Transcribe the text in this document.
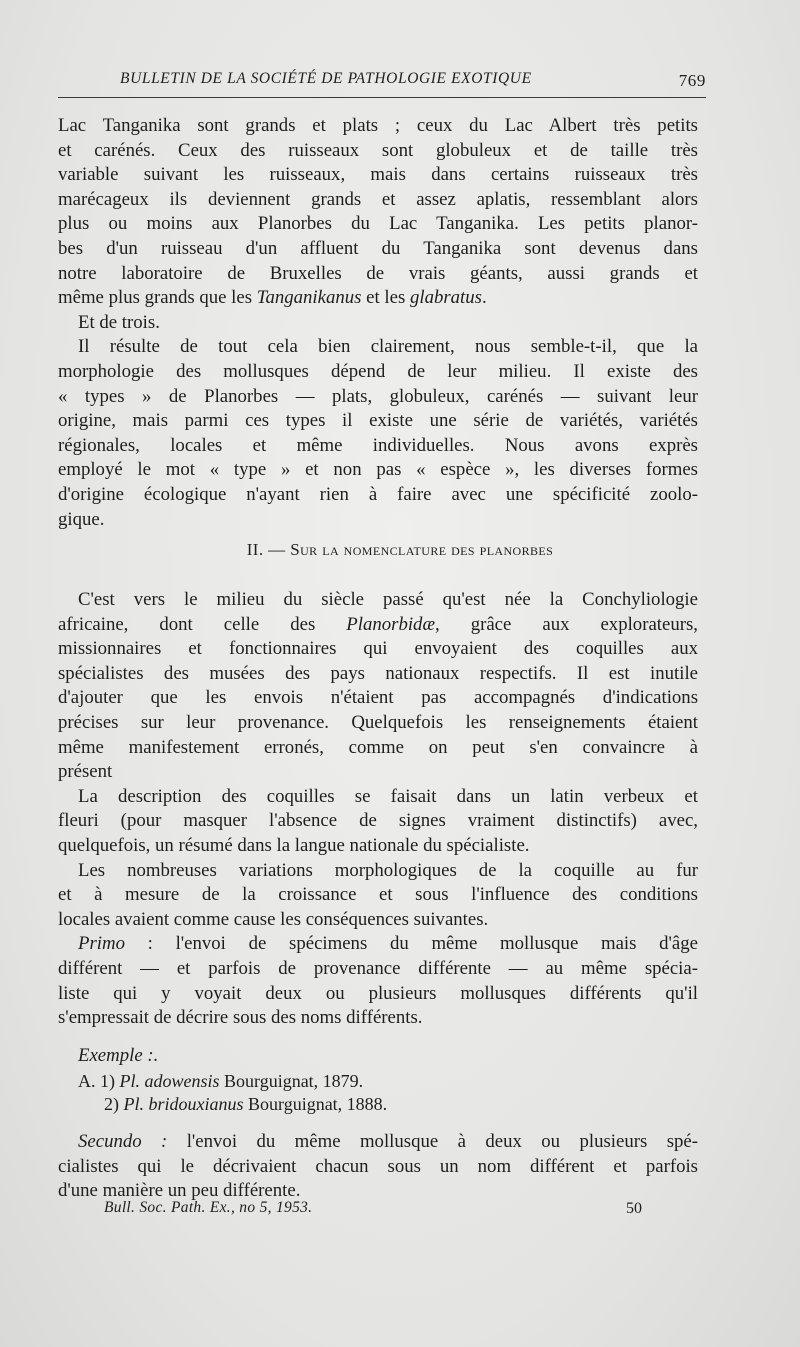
BULLETIN DE LA SOCIÉTÉ DE PATHOLOGIE EXOTIQUE	769
Lac Tanganika sont grands et plats ; ceux du Lac Albert très petits
et carénés. Ceux des ruisseaux sont globuleux et de taille très
variable suivant les ruisseaux, mais dans certains ruisseaux très
marécageux ils deviennent grands et assez aplatis, ressemblant alors
plus ou moins aux Planorbes du Lac Tanganika. Les petits planor-
bes d'un ruisseau d'un affluent du Tanganika sont devenus dans
notre laboratoire de Bruxelles de vrais géants, aussi grands et
même plus grands que les Tanganikanus et les glabratus.
Et de trois.
Il résulte de tout cela bien clairement, nous semble-t-il, que la
morphologie des mollusques dépend de leur milieu. Il existe des
« types » de Planorbes — plats, globuleux, carénés — suivant leur
origine, mais parmi ces types il existe une série de variétés, variétés
régionales, locales et même individuelles. Nous avons exprès
employé le mot « type » et non pas « espèce », les diverses formes
d'origine écologique n'ayant rien à faire avec une spécificité zoolo-
gique.
II. — Sur la nomenclature des planorbes
C'est vers le milieu du siècle passé qu'est née la Conchyliologie
africaine, dont celle des Planorbidæ, grâce aux explorateurs,
missionnaires et fonctionnaires qui envoyaient des coquilles aux
spécialistes des musées des pays nationaux respectifs. Il est inutile
d'ajouter que les envois n'étaient pas accompagnés d'indications
précises sur leur provenance. Quelquefois les renseignements étaient
même manifestement erronés, comme on peut s'en convaincre à
présent
La description des coquilles se faisait dans un latin verbeux et
fleuri (pour masquer l'absence de signes vraiment distinctifs) avec,
quelquefois, un résumé dans la langue nationale du spécialiste.
Les nombreuses variations morphologiques de la coquille au fur
et à mesure de la croissance et sous l'influence des conditions
locales avaient comme cause les conséquences suivantes.
Primo : l'envoi de spécimens du même mollusque mais d'âge
différent — et parfois de provenance différente — au même spécia-
liste qui y voyait deux ou plusieurs mollusques différents qu'il
s'empressait de décrire sous des noms différents.
Exemple :.
A. 1) Pl. adowensis Bourguignat, 1879.
2) Pl. bridouxianus Bourguignat, 1888.
Secundo : l'envoi du même mollusque à deux ou plusieurs spé-
cialistes qui le décrivaient chacun sous un nom différent et parfois
d'une manière un peu différente.
Bull. Soc. Path. Ex., no 5, 1953.	50
